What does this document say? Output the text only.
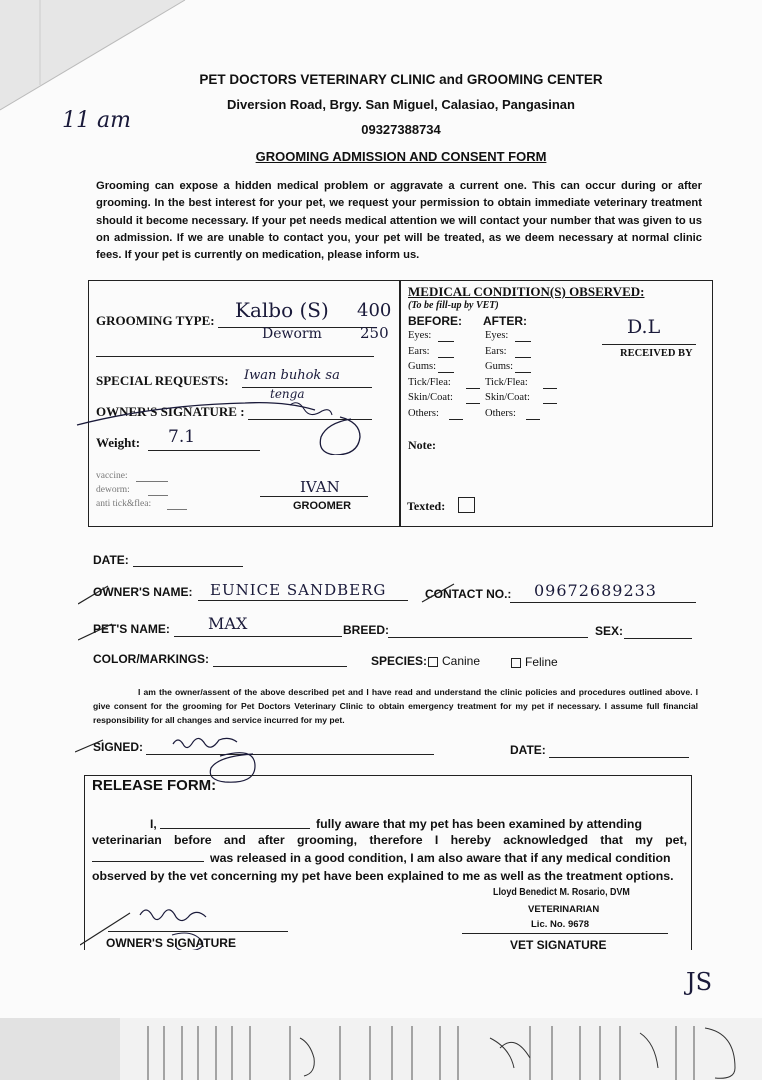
11 am
PET DOCTORS VETERINARY CLINIC and GROOMING CENTER
Diversion Road, Brgy. San Miguel, Calasiao, Pangasinan
09327388734
GROOMING ADMISSION AND CONSENT FORM
Grooming can expose a hidden medical problem or aggravate a current one. This can occur during or after grooming. In the best interest for your pet, we request your permission to obtain immediate veterinary treatment should it become necessary. If your pet needs medical attention we will contact your number that was given to us on admission. If we are unable to contact you, your pet will be treated, as we deem necessary at normal clinic fees. If your pet is currently on medication, please inform us.
GROOMING TYPE: Kalbo (S) 400
Deworm	250
SPECIAL REQUESTS: Iwan buhok sa
tenga
OWNER'S SIGNATURE :
Weight: 7.1
vaccine:
deworm:
anti tick&flea:
IVAN
GROOMER
MEDICAL CONDITION(S) OBSERVED:
(To be fill-up by VET)
BEFORE: AFTER:
Eyes:	Eyes:
Ears:	Ears:
Gums:	Gums:
Tick/Flea:	Tick/Flea:
Skin/Coat:	Skin/Coat:
Others:	Others:
D.L
RECEIVED BY
Note:
Texted:
DATE:
OWNER'S NAME: EUNICE SANDBERG	CONTACT NO.: 09672689233
PET'S NAME: MAX	BREED:	SEX:
COLOR/MARKINGS:	SPECIES:	Canine	Feline
I am the owner/assent of the above described pet and I have read and understand the clinic policies and procedures outlined above. I give consent for the grooming for Pet Doctors Veterinary Clinic to obtain emergency treatment for my pet if necessary. I assume full financial responsibility for all changes and service incurred for my pet.
SIGNED:	DATE:
RELEASE FORM:
I,	fully aware that my pet has been examined by attending
veterinarian before and after grooming, therefore I hereby acknowledged that my pet,
was released in a good condition, I am also aware that if any medical condition
observed by the vet concerning my pet have been explained to me as well as the treatment options.
Lloyd Benedict M. Rosario, DVM
VETERINARIAN
Lic. No. 9678
OWNER'S SIGNATURE	VET SIGNATURE
JS
